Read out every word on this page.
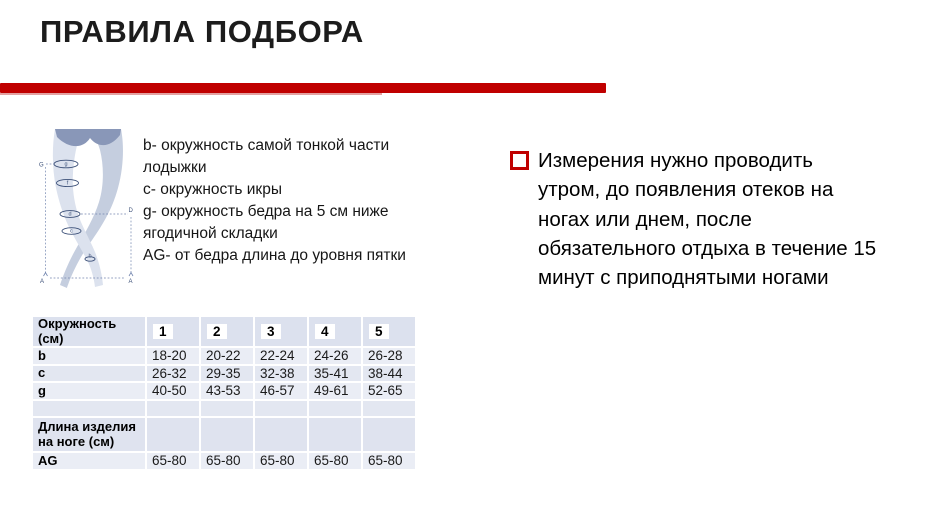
ПРАВИЛА ПОДБОРА
G
D
A	A
g
f
d
c
b
b- окружность самой тонкой части
лодыжки
c- окружность икры
g- окружность бедра на 5 см ниже
ягодичной складки
AG- от бедра длина до уровня пятки
Измерения нужно проводить
утром, до появления отеков на
ногах или днем, после
обязательного отдыха в течение 15
минут с приподнятыми ногами
Окружность (см)	1	2	3	4	5
b	18-20	20-22	22-24	24-26	26-28
c	26-32	29-35	32-38	35-41	38-44
g	40-50	43-53	46-57	49-61	52-65

Длина изделия на ноге (см)					
AG	65-80	65-80	65-80	65-80	65-80
